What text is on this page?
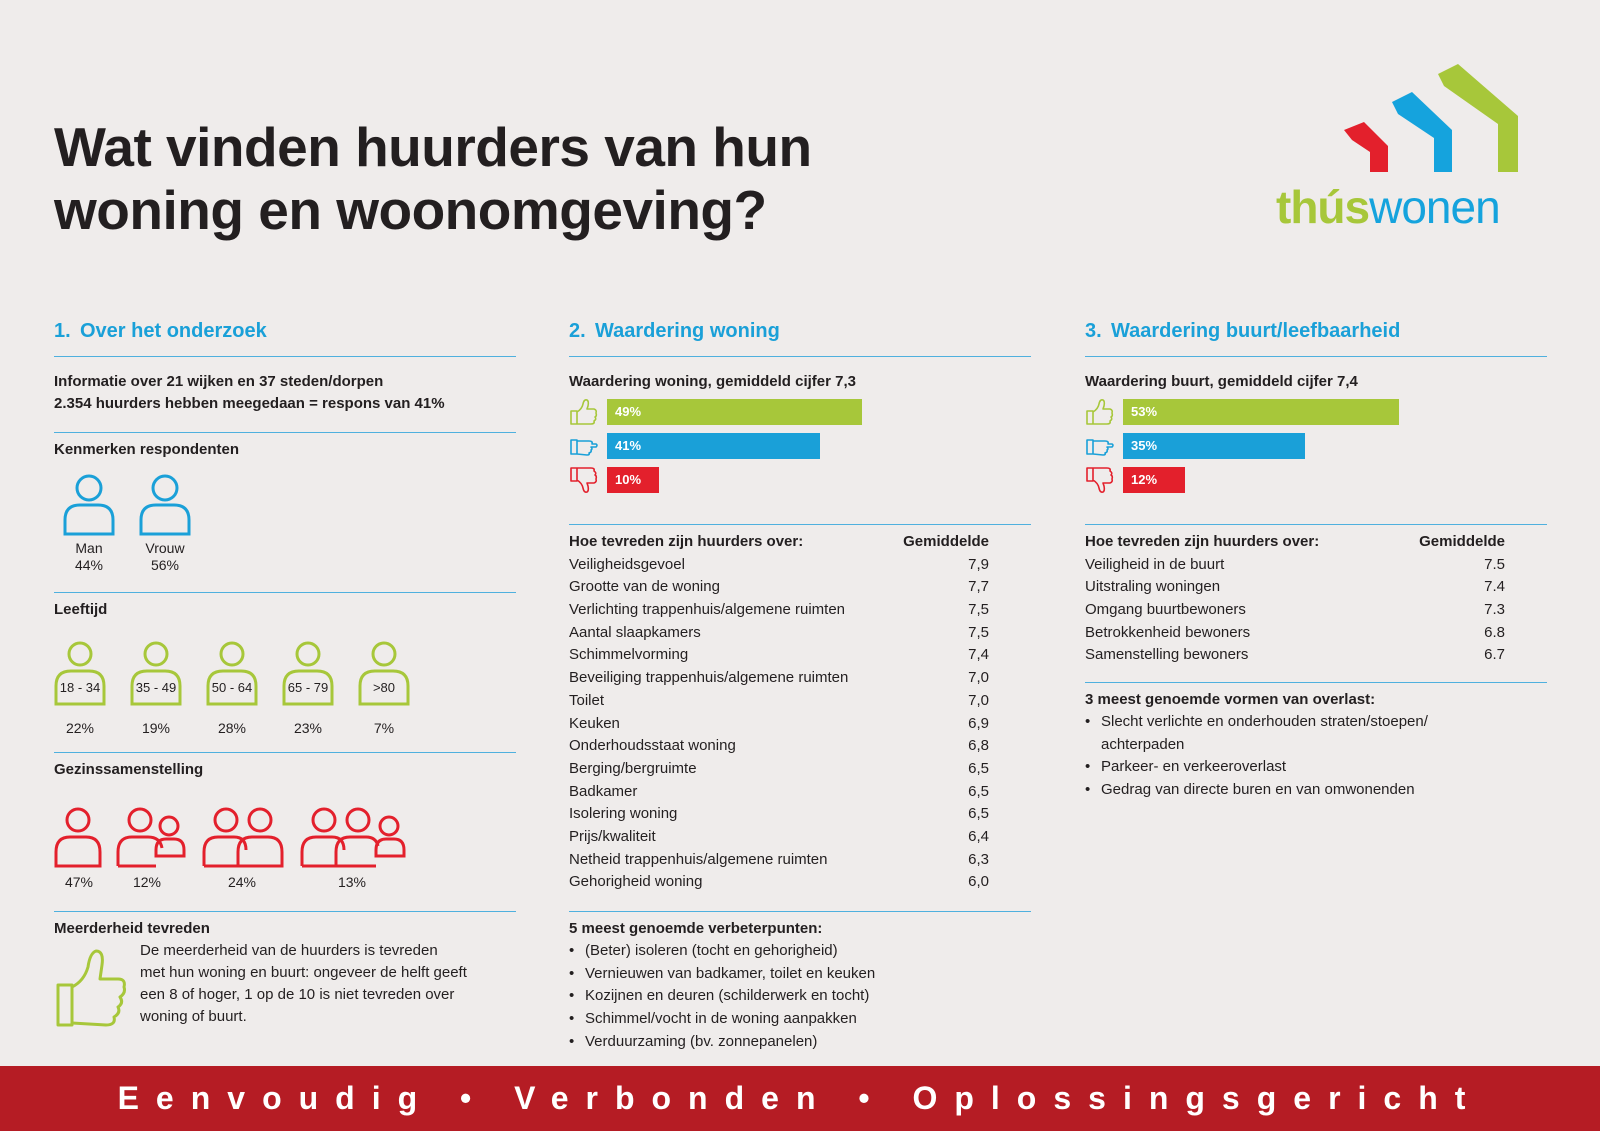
Wat vinden huurders van hun
woning en woonomgeving?	thúswonen
1. Over het onderzoek
Informatie over 21 wijken en 37 steden/dorpen
2.354 huurders hebben meegedaan = respons van 41%
Kenmerken respondenten
Man
44%
Vrouw
56%
Leeftijd
18 - 34
22%
35 - 49
19%
50 - 64
28%
65 - 79
23%
>80
7%
Gezinssamenstelling
47%	12%	24%	13%
Meerderheid tevreden
De meerderheid van de huurders is tevreden
met hun woning en buurt: ongeveer de helft geeft
een 8 of hoger, 1 op de 10 is niet tevreden over
woning of buurt.
2. Waardering woning
Waardering woning, gemiddeld cijfer 7,3
49%
41%
10%
Hoe tevreden zijn huurders over:	Gemiddelde
Veiligheidsgevoel	7,9
Grootte van de woning	7,7
Verlichting trappenhuis/algemene ruimten	7,5
Aantal slaapkamers	7,5
Schimmelvorming	7,4
Beveiliging trappenhuis/algemene ruimten	7,0
Toilet	7,0
Keuken	6,9
Onderhoudsstaat woning	6,8
Berging/bergruimte	6,5
Badkamer	6,5
Isolering woning	6,5
Prijs/kwaliteit	6,4
Netheid trappenhuis/algemene ruimten	6,3
Gehorigheid woning	6,0
5 meest genoemde verbeterpunten:
• (Beter) isoleren (tocht en gehorigheid)
• Vernieuwen van badkamer, toilet en keuken
• Kozijnen en deuren (schilderwerk en tocht)
• Schimmel/vocht in de woning aanpakken
• Verduurzaming (bv. zonnepanelen)
3. Waardering buurt/leefbaarheid
Waardering buurt, gemiddeld cijfer 7,4
53%
35%
12%
Hoe tevreden zijn huurders over:	Gemiddelde
Veiligheid in de buurt	7.5
Uitstraling woningen	7.4
Omgang buurtbewoners	7.3
Betrokkenheid bewoners	6.8
Samenstelling bewoners	6.7
3 meest genoemde vormen van overlast:
• Slecht verlichte en onderhouden straten/stoepen/
achterpaden
• Parkeer- en verkeeroverlast
• Gedrag van directe buren en van omwonenden
Eenvoudig • Verbonden • Oplossingsgericht
